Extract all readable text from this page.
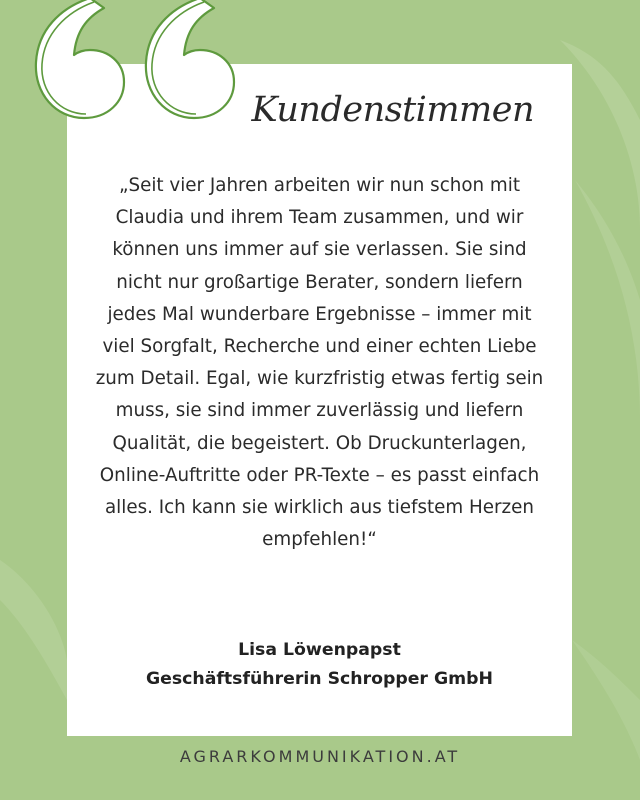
Kundenstimmen

„Seit vier Jahren arbeiten wir nun schon mit Claudia und ihrem Team zusammen, und wir können uns immer auf sie verlassen. Sie sind nicht nur großartige Berater, sondern liefern jedes Mal wunderbare Ergebnisse – immer mit viel Sorgfalt, Recherche und einer echten Liebe zum Detail. Egal, wie kurzfristig etwas fertig sein muss, sie sind immer zuverlässig und liefern Qualität, die begeistert. Ob Druckunterlagen, Online-Auftritte oder PR-Texte – es passt einfach alles. Ich kann sie wirklich aus tiefstem Herzen empfehlen!“

Lisa Löwenpapst
Geschäftsführerin Schropper GmbH
AGRARKOMMUNIKATION.AT
